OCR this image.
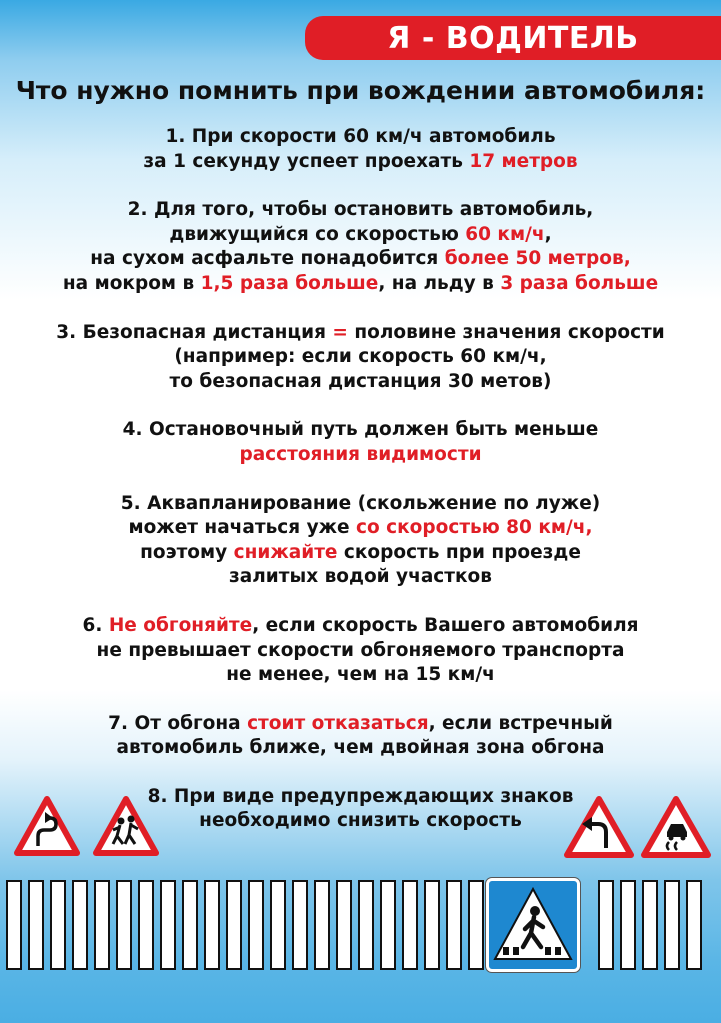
Я - ВОДИТЕЛЬ
Что нужно помнить при вождении автомобиля:
1. При скорости 60 км/ч автомобиль
за 1 секунду успеет проехать 17 метров
2. Для того, чтобы остановить автомобиль,
движущийся со скоростью 60 км/ч,
на сухом асфальте понадобится более 50 метров,
на мокром в 1,5 раза больше, на льду в 3 раза больше
3. Безопасная дистанция = половине значения скорости
(например: если скорость 60 км/ч,
то безопасная дистанция 30 метов)
4. Остановочный путь должен быть меньше
расстояния видимости
5. Аквапланирование (скольжение по луже)
может начаться уже со скоростью 80 км/ч,
поэтому снижайте скорость при проезде
залитых водой участков
6. Не обгоняйте, если скорость Вашего автомобиля
не превышает скорости обгоняемого транспорта
не менее, чем на 15 км/ч
7. От обгона стоит отказаться, если встречный
автомобиль ближе, чем двойная зона обгона
8. При виде предупреждающих знаков
необходимо снизить скорость
